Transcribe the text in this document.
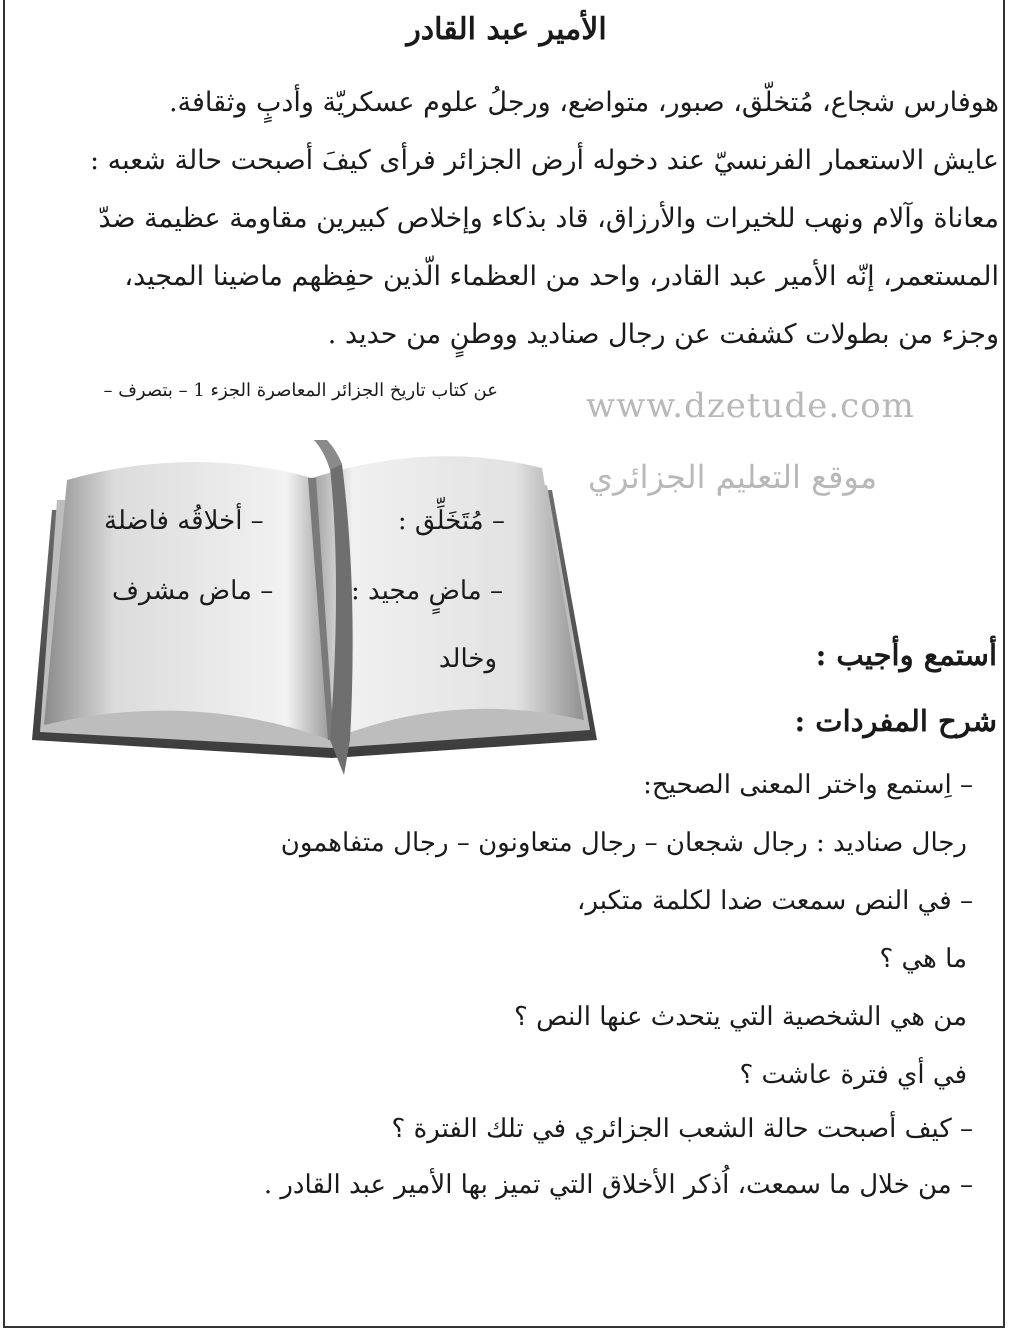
الأمير عبد القادر
هوفارس شجاع، مُتخلّق، صبور، متواضع، ورجلُ علوم عسكريّة وأدبٍ وثقافة.
عايش الاستعمار الفرنسيّ عند دخوله أرض الجزائر فرأى كيفَ أصبحت حالة شعبه :
معاناة وآلام ونهب للخيرات والأرزاق، قاد بذكاء وإخلاص كبيرين مقاومة عظيمة ضدّ
المستعمر، إنّه الأمير عبد القادر، واحد من العظماء الّذين حفِظهم ماضينا المجيد،
وجزء من بطولات كشفت عن رجال صناديد ووطنٍ من حديد .
عن كتاب تاريخ الجزائر المعاصرة الجزء 1 – بتصرف –	www.dzetude.com
موقع التعليم الجزائري
– مُتَخَلِّق :
– أخلاقُه فاضلة
– ماضٍ مجيد :
– ماض مشرف
وخالد	أستمع وأجيب :
شرح المفردات :
– اِستمع واختر المعنى الصحيح:
رجال صناديد : رجال شجعان – رجال متعاونون – رجال متفاهمون
– في النص سمعت ضدا لكلمة متكبر،
ما هي ؟
من هي الشخصية التي يتحدث عنها النص ؟
في أي فترة عاشت ؟
– كيف أصبحت حالة الشعب الجزائري في تلك الفترة ؟
– من خلال ما سمعت، اُذكر الأخلاق التي تميز بها الأمير عبد القادر .
